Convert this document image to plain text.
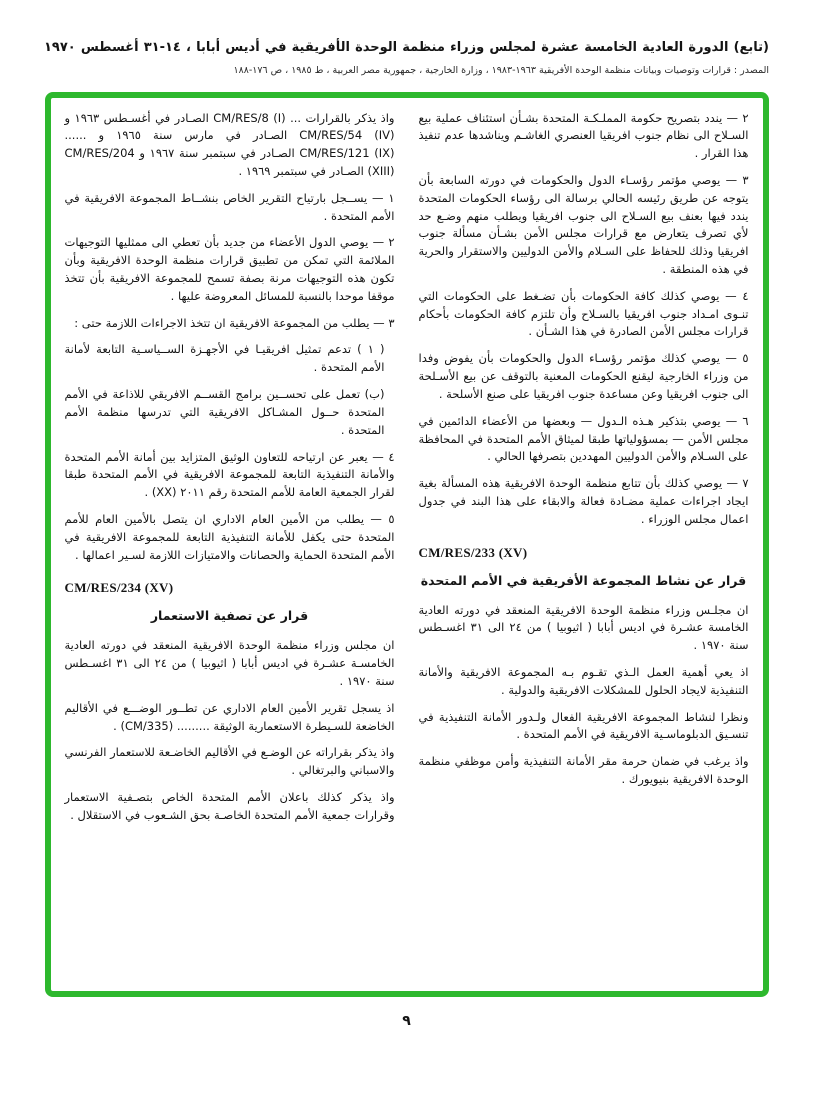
(تابع) الدورة العادية الخامسة عشرة لمجلس وزراء منظمة الوحدة الأفريقية في أديس أبابا ، ١٤-٣١ أغسطس ١٩٧٠
المصدر : قرارات وتوصيات وبيانات منظمة الوحدة الأفريقية ١٩٦٣-١٩٨٣ ، وزارة الخارجية ، جمهورية مصر العربية ، ط ١٩٨٥ ، ص ١٧٦-١٨٨

٢ — يندد بتصريح حكومة المملـكـة المتحدة بشـأن استئناف عملية بيع السـلاح الى نظام جنوب افريقيا العنصري الغاشـم ويناشدها عدم تنفيذ هذا القرار .

٣ — يوصي مؤتمر رؤسـاء الدول والحكومات في دورته السابعة بأن يتوجه عن طريق رئيسه الحالي برسالة الى رؤساء الحكومات المتحدة يندد فيها بعنف بيع السـلاح الى جنوب افريقيا ويطلب منهم وضـع حد لأي تصرف يتعارض مع قرارات مجلس الأمن بشـأن مسألة جنوب افريقيا وذلك للحفاظ على السـلام والأمن الدوليين والاستقرار والحرية في هذه المنطقة .

٤ — يوصي كذلك كافة الحكومات بأن تضـغط على الحكومات التي تنـوى امـداد جنوب افريقيا بالسـلاح وأن تلتزم كافة الحكومات بأحكام قرارات مجلس الأمن الصادرة في هذا الشـأن .

٥ — يوصي كذلك مؤتمر رؤسـاء الدول والحكومات بأن يفوض وفدا من وزراء الخارجية ليقنع الحكومات المعنية بالتوقف عن بيع الأسـلحة الى جنوب افريقيا وعن مساعدة جنوب افريقيا على صنع الأسلحة .

٦ — يوصي بتذكير هـذه الـدول — وبعضها من الأعضاء الدائمين في مجلس الأمن — بمسؤولياتها طبقا لميثاق الأمم المتحدة في المحافظة على السـلام والأمن الدوليين المهددين بتصرفها الحالي .

٧ — يوصي كذلك بأن تتابع منظمة الوحدة الافريقية هذه المسألة بغية ايجاد اجراءات عملية مضـادة فعالة والابقاء على هذا البند في جدول اعمال مجلس الوزراء .

CM/RES/233 (XV)
قرار عن نشاط المجموعة الأفريقية في الأمم المتحدة

ان مجلـس وزراء منظمة الوحدة الافريقية المنعقد في دورته العادية الخامسة عشـرة في اديس أبابا ( اثيوبيا ) من ٢٤ الى ٣١ اغسـطس سنة ١٩٧٠ .

اذ يعي أهمية العمل الـذي تقـوم بـه المجموعة الافريقية والأمانة التنفيذية لايجاد الحلول للمشكلات الافريقية والدولية .

ونظرا لنشاط المجموعة الافريقية الفعال ولـدور الأمانة التنفيذية في تنسـيق الدبلوماسـية الافريقية في الأمم المتحدة .

واذ يرغب في ضمان حرمة مقر الأمانة التنفيذية وأمن موظفي منظمة الوحدة الافريقية بنيويورك .

واذ يذكر بالقرارات ... ‎CM/RES/8 (I)‎ الصـادر في أغسـطس ١٩٦٣ و ‎CM/RES/54 (IV)‎ الصـادر في مارس سنة ١٩٦٥ و ...... ‎CM/RES/121 (IX)‎ الصـادر في سبتمبر سنة ١٩٦٧ و ‎CM/RES/204 (XIII)‎ الصـادر في سبتمبر ١٩٦٩ .

١ — يســجل بارتياح التقرير الخاص بنشــاط المجموعة الافريقية في الأمم المتحدة .

٢ — يوصي الدول الأعضاء من جديد بأن تعطي الى ممثليها التوجيهات الملائمة التي تمكن من تطبيق قرارات منظمة الوحدة الافريقية وبأن تكون هذه التوجيهات مرنة بصفة تسمح للمجموعة الافريقية بأن تتخذ موقفا موحدا بالنسبة للمسائل المعروضة عليها .

٣ — يطلب من المجموعة الافريقية ان تتخذ الاجراءات اللازمة حتى :

( ١ ) تدعم تمثيل افريقيـا في الأجهـزة الســياسـية التابعة لأمانة الأمم المتحدة .

(ب) تعمل على تحســين برامج القســم الافريقي للاذاعة في الأمم المتحدة حــول المشـاكل الافريقية التي تدرسها منظمة الأمم المتحدة .

٤ — يعبر عن ارتياحه للتعاون الوثيق المتزايد بين أمانة الأمم المتحدة والأمانة التنفيذية التابعة للمجموعة الافريقية في الأمم المتحدة طبقا لقرار الجمعية العامة للأمم المتحدة رقم ٢٠١١ ‎(XX)‎ .

٥ — يطلب من الأمين العام الاداري ان يتصل بالأمين العام للأمم المتحدة حتى يكفل للأمانة التنفيذية التابعة للمجموعة الافريقية في الأمم المتحدة الحماية والحصانات والامتيازات اللازمة لسـير اعمالها .

CM/RES/234 (XV)
قرار عن تصفية الاستعمار

ان مجلس وزراء منظمة الوحدة الافريقية المنعقد في دورته العادية الخامسـة عشـرة في اديس أبابا ( اثيوبيا ) من ٢٤ الى ٣١ اغسـطس سنة ١٩٧٠ .

اذ يسجل تقرير الأمين العام الاداري عن تطــور الوضـــع في الأقاليم الخاضعة للسـيطرة الاستعمارية الوثيقة ......... ‎(CM/335)‎ .

واذ يذكر بقراراته عن الوضـع في الأقاليم الخاضـعة للاستعمار الفرنسي والاسباني والبرتغالي .

واذ يذكر كذلك باعلان الأمم المتحدة الخاص بتصـفية الاستعمار وقرارات جمعية الأمم المتحدة الخاصـة بحق الشـعوب في الاستقلال .

٩
